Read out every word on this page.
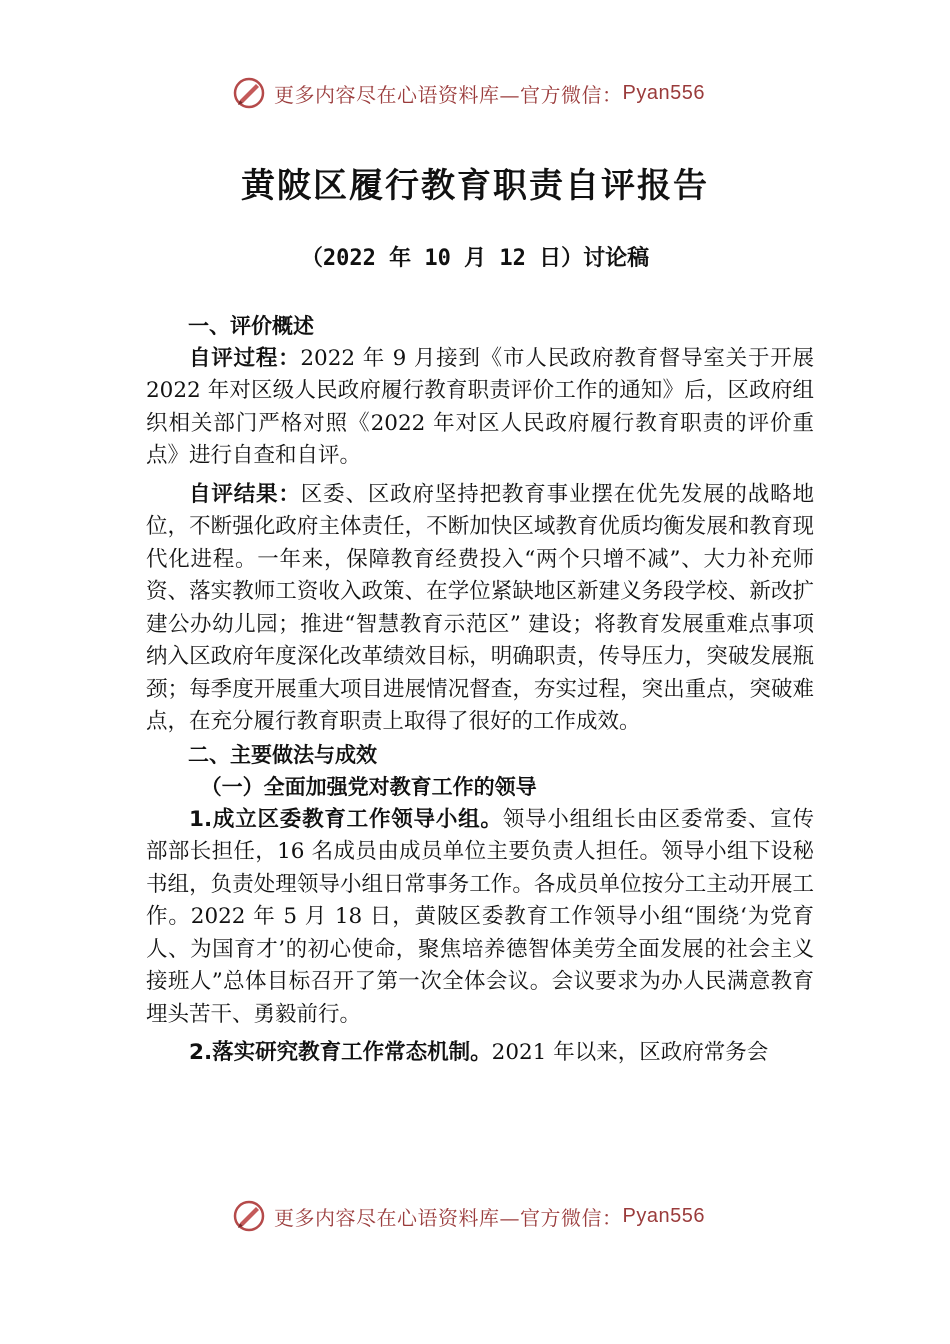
更多内容尽在心语资料库—官方微信： Pyan556
黄陂区履行教育职责自评报告
（2022 年 10 月 12 日）讨论稿
一、评价概述

自评过程：2022 年 9 月接到《市人民政府教育督导室关于开展 2022 年对区级人民政府履行教育职责评价工作的通知》后，区政府组织相关部门严格对照《2022 年对区人民政府履行教育职责的评价重点》进行自查和自评。

自评结果：区委、区政府坚持把教育事业摆在优先发展的战略地位，不断强化政府主体责任，不断加快区域教育优质均衡发展和教育现代化进程。一年来，保障教育经费投入“两个只增不减”、大力补充师资、落实教师工资收入政策、在学位紧缺地区新建义务段学校、新改扩建公办幼儿园；推进“智慧教育示范区” 建设；将教育发展重难点事项纳入区政府年度深化改革绩效目标，明确职责，传导压力，突破发展瓶颈；每季度开展重大项目进展情况督查，夯实过程，突出重点，突破难点，在充分履行教育职责上取得了很好的工作成效。

二、主要做法与成效
（一）全面加强党对教育工作的领导

1.成立区委教育工作领导小组。领导小组组长由区委常委、宣传部部长担任，16 名成员由成员单位主要负责人担任。领导小组下设秘书组，负责处理领导小组日常事务工作。各成员单位按分工主动开展工作。2022 年 5 月 18 日，黄陂区委教育工作领导小组“围绕‘为党育人、为国育才’的初心使命，聚焦培养德智体美劳全面发展的社会主义接班人”总体目标召开了第一次全体会议。会议要求为办人民满意教育埋头苦干、勇毅前行。

2.落实研究教育工作常态机制。2021 年以来，区政府常务会

更多内容尽在心语资料库—官方微信： Pyan556
